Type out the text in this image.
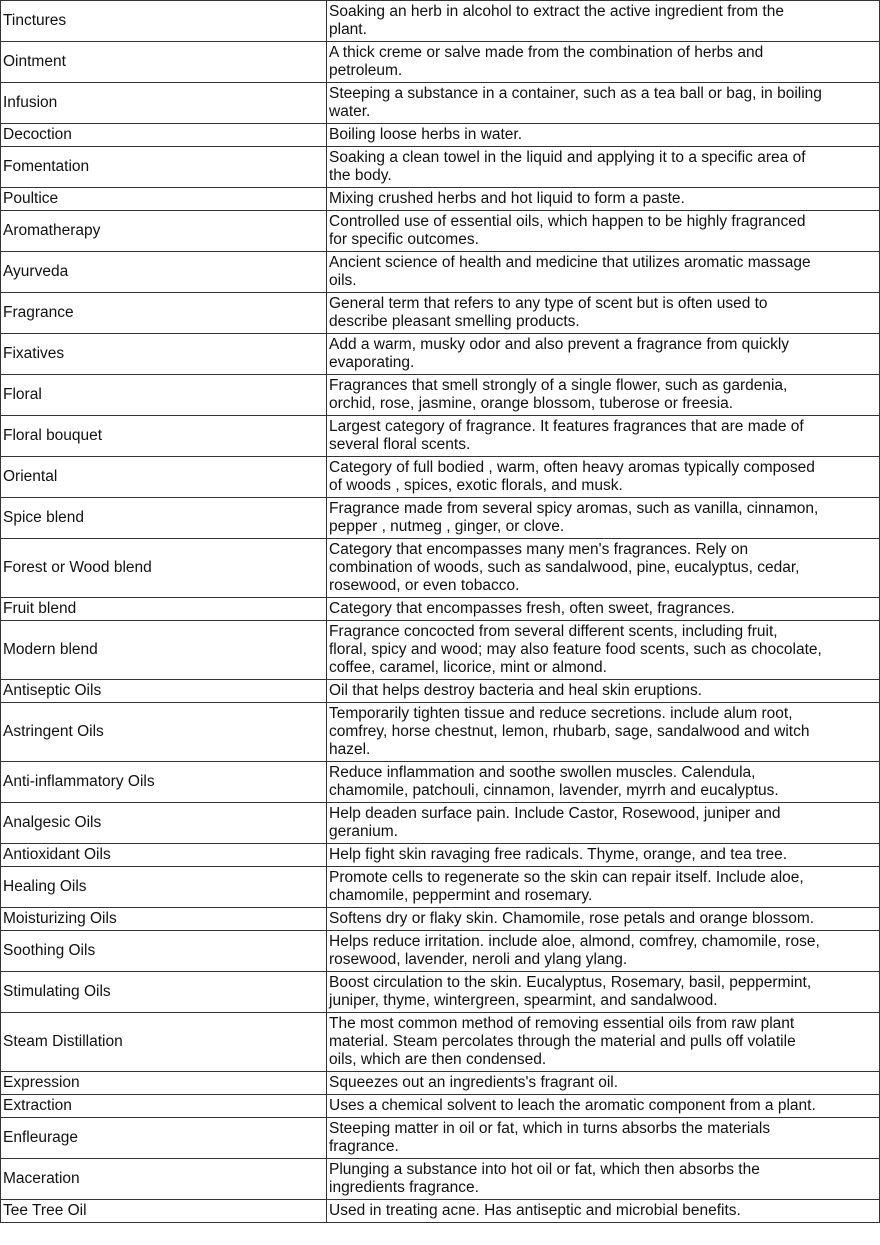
Tinctures	Soaking an herb in alcohol to extract the active ingredient from the
plant.
Ointment	A thick creme or salve made from the combination of herbs and
petroleum.
Infusion	Steeping a substance in a container, such as a tea ball or bag, in boiling
water.
Decoction	Boiling loose herbs in water.
Fomentation	Soaking a clean towel in the liquid and applying it to a specific area of
the body.
Poultice	Mixing crushed herbs and hot liquid to form a paste.
Aromatherapy	Controlled use of essential oils, which happen to be highly fragranced
for specific outcomes.
Ayurveda	Ancient science of health and medicine that utilizes aromatic massage
oils.
Fragrance	General term that refers to any type of scent but is often used to
describe pleasant smelling products.
Fixatives	Add a warm, musky odor and also prevent a fragrance from quickly
evaporating.
Floral	Fragrances that smell strongly of a single flower, such as gardenia,
orchid, rose, jasmine, orange blossom, tuberose or freesia.
Floral bouquet	Largest category of fragrance. It features fragrances that are made of
several floral scents.
Oriental	Category of full bodied , warm, often heavy aromas typically composed
of woods , spices, exotic florals, and musk.
Spice blend	Fragrance made from several spicy aromas, such as vanilla, cinnamon,
pepper , nutmeg , ginger, or clove.
Forest or Wood blend	Category that encompasses many men's fragrances. Rely on
combination of woods, such as sandalwood, pine, eucalyptus, cedar,
rosewood, or even tobacco.
Fruit blend	Category that encompasses fresh, often sweet, fragrances.
Modern blend	Fragrance concocted from several different scents, including fruit,
floral, spicy and wood; may also feature food scents, such as chocolate,
coffee, caramel, licorice, mint or almond.
Antiseptic Oils	Oil that helps destroy bacteria and heal skin eruptions.
Astringent Oils	Temporarily tighten tissue and reduce secretions. include alum root,
comfrey, horse chestnut, lemon, rhubarb, sage, sandalwood and witch
hazel.
Anti-inflammatory Oils	Reduce inflammation and soothe swollen muscles. Calendula,
chamomile, patchouli, cinnamon, lavender, myrrh and eucalyptus.
Analgesic Oils	Help deaden surface pain. Include Castor, Rosewood, juniper and
geranium.
Antioxidant Oils	Help fight skin ravaging free radicals. Thyme, orange, and tea tree.
Healing Oils	Promote cells to regenerate so the skin can repair itself. Include aloe,
chamomile, peppermint and rosemary.
Moisturizing Oils	Softens dry or flaky skin. Chamomile, rose petals and orange blossom.
Soothing Oils	Helps reduce irritation. include aloe, almond, comfrey, chamomile, rose,
rosewood, lavender, neroli and ylang ylang.
Stimulating Oils	Boost circulation to the skin. Eucalyptus, Rosemary, basil, peppermint,
juniper, thyme, wintergreen, spearmint, and sandalwood.
Steam Distillation	The most common method of removing essential oils from raw plant
material. Steam percolates through the material and pulls off volatile
oils, which are then condensed.
Expression	Squeezes out an ingredients's fragrant oil.
Extraction	Uses a chemical solvent to leach the aromatic component from a plant.
Enfleurage	Steeping matter in oil or fat, which in turns absorbs the materials
fragrance.
Maceration	Plunging a substance into hot oil or fat, which then absorbs the
ingredients fragrance.
Tee Tree Oil	Used in treating acne. Has antiseptic and microbial benefits.
